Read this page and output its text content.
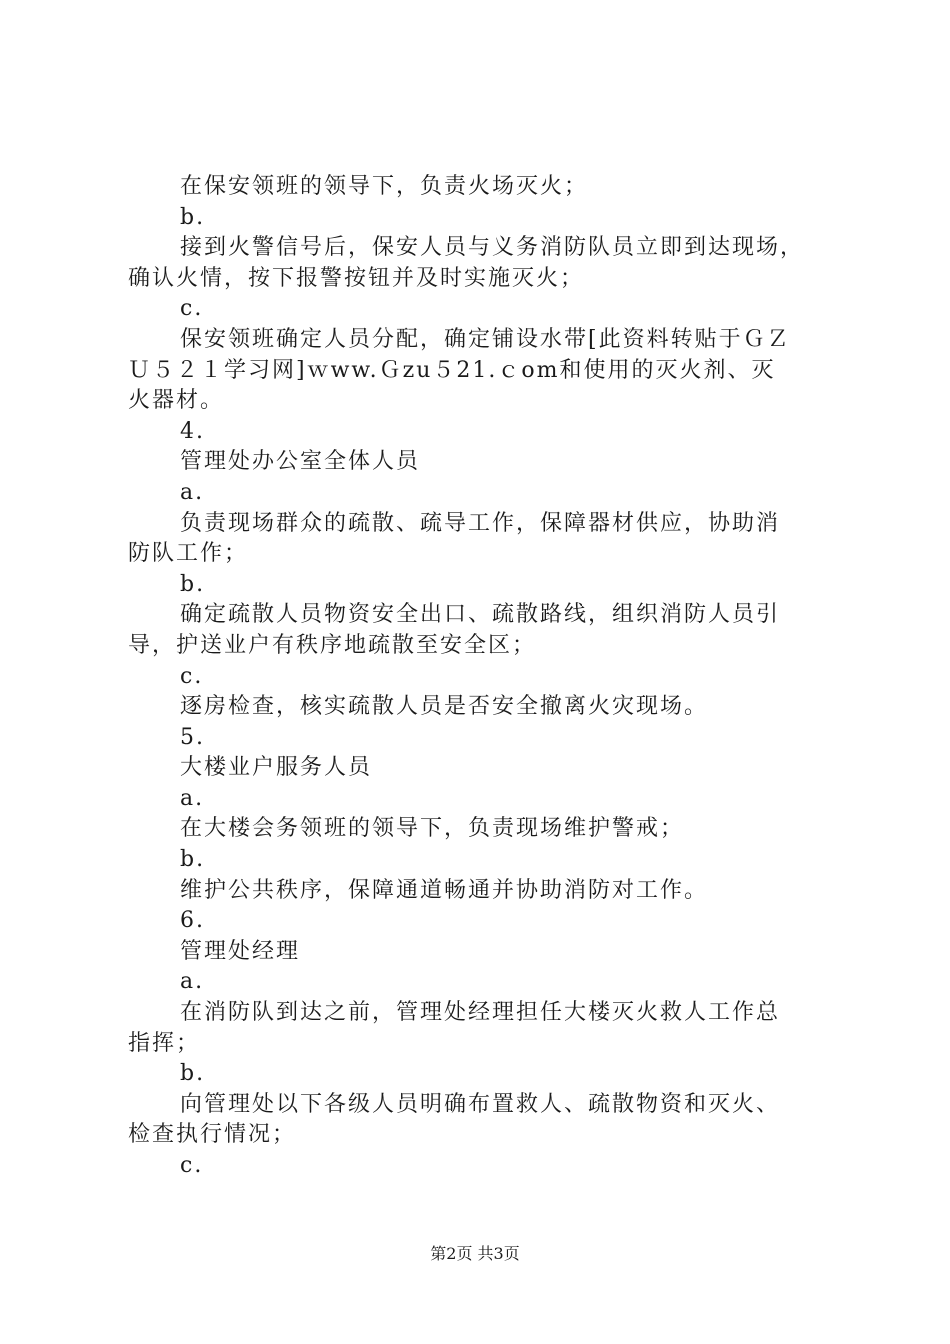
在保安领班的领导下，负责火场灭火；
b.
接到火警信号后，保安人员与义务消防队员立即到达现场，
确认火情，按下报警按钮并及时实施灭火；
c.
保安领班确定人员分配，确定铺设水带[此资料转贴于ＧＺ
Ｕ５２１学习网]ｗww.Ｇzu５21.ｃom和使用的灭火剂、灭
火器材。
4.
管理处办公室全体人员
a.
负责现场群众的疏散、疏导工作，保障器材供应，协助消
防队工作；
b.
确定疏散人员物资安全出口、疏散路线，组织消防人员引
导，护送业户有秩序地疏散至安全区；
c.
逐房检查，核实疏散人员是否安全撤离火灾现场。
5.
大楼业户服务人员
a.
在大楼会务领班的领导下，负责现场维护警戒；
b.
维护公共秩序，保障通道畅通并协助消防对工作。
6.
管理处经理
a.
在消防队到达之前，管理处经理担任大楼灭火救人工作总
指挥；
b.
向管理处以下各级人员明确布置救人、疏散物资和灭火、
检查执行情况；
c.
第2页 共3页
